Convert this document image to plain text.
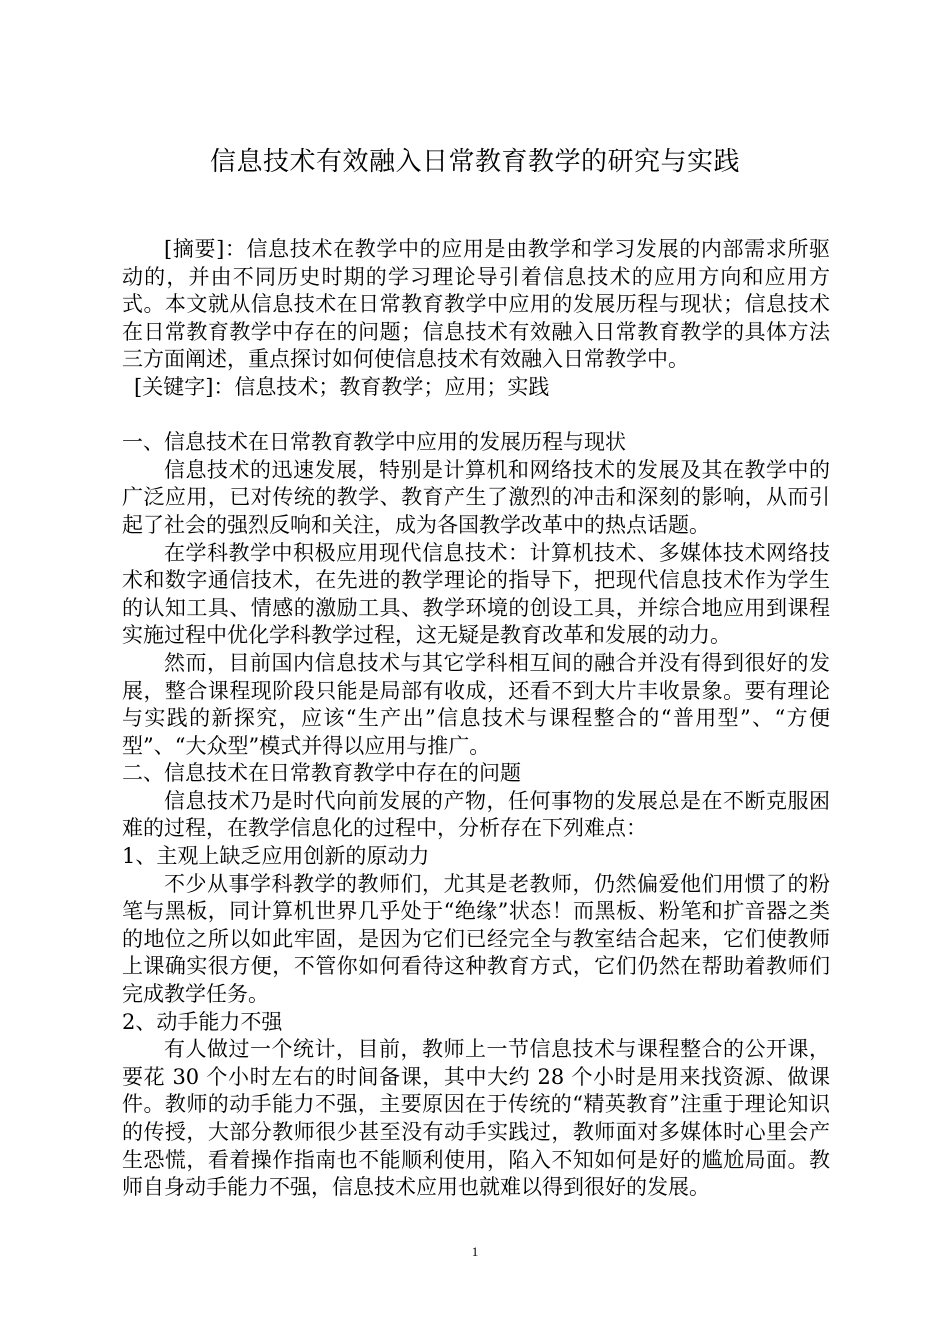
信息技术有效融入日常教育教学的研究与实践

[摘要]：信息技术在教学中的应用是由教学和学习发展的内部需求所驱动的，并由不同历史时期的学习理论导引着信息技术的应用方向和应用方式。本文就从信息技术在日常教育教学中应用的发展历程与现状；信息技术在日常教育教学中存在的问题；信息技术有效融入日常教育教学的具体方法三方面阐述，重点探讨如何使信息技术有效融入日常教学中。

[关键字]：信息技术；教育教学；应用；实践

一、信息技术在日常教育教学中应用的发展历程与现状

信息技术的迅速发展，特别是计算机和网络技术的发展及其在教学中的广泛应用，已对传统的教学、教育产生了激烈的冲击和深刻的影响，从而引起了社会的强烈反响和关注，成为各国教学改革中的热点话题。

在学科教学中积极应用现代信息技术：计算机技术、多媒体技术网络技术和数字通信技术，在先进的教学理论的指导下，把现代信息技术作为学生的认知工具、情感的激励工具、教学环境的创设工具，并综合地应用到课程实施过程中优化学科教学过程，这无疑是教育改革和发展的动力。

然而，目前国内信息技术与其它学科相互间的融合并没有得到很好的发展，整合课程现阶段只能是局部有收成，还看不到大片丰收景象。要有理论与实践的新探究，应该“生产出”信息技术与课程整合的“普用型”、“方便型”、“大众型”模式并得以应用与推广。

二、信息技术在日常教育教学中存在的问题

信息技术乃是时代向前发展的产物，任何事物的发展总是在不断克服困难的过程，在教学信息化的过程中，分析存在下列难点：

1、主观上缺乏应用创新的原动力

不少从事学科教学的教师们，尤其是老教师，仍然偏爱他们用惯了的粉笔与黑板，同计算机世界几乎处于“绝缘”状态！而黑板、粉笔和扩音器之类的地位之所以如此牢固，是因为它们已经完全与教室结合起来，它们使教师上课确实很方便，不管你如何看待这种教育方式，它们仍然在帮助着教师们完成教学任务。

2、动手能力不强

有人做过一个统计，目前，教师上一节信息技术与课程整合的公开课，要花 30 个小时左右的时间备课，其中大约 28 个小时是用来找资源、做课件。教师的动手能力不强，主要原因在于传统的“精英教育”注重于理论知识的传授，大部分教师很少甚至没有动手实践过，教师面对多媒体时心里会产生恐慌，看着操作指南也不能顺利使用，陷入不知如何是好的尴尬局面。教师自身动手能力不强，信息技术应用也就难以得到很好的发展。

1
